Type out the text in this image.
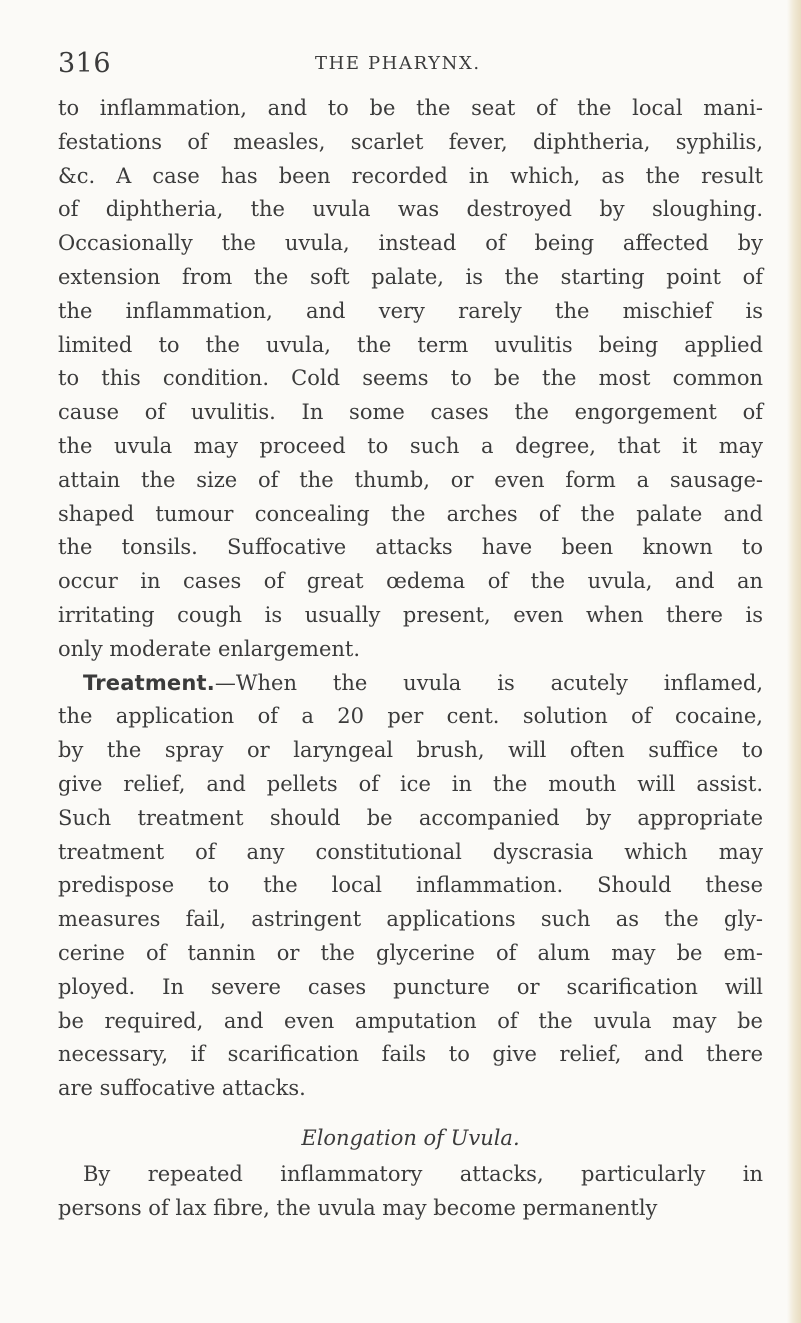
316	THE PHARYNX.
to inflammation, and to be the seat of the local mani-
festations of measles, scarlet fever, diphtheria, syphilis,
&c. A case has been recorded in which, as the result
of diphtheria, the uvula was destroyed by sloughing.
Occasionally the uvula, instead of being affected by
extension from the soft palate, is the starting point of
the inflammation, and very rarely the mischief is
limited to the uvula, the term uvulitis being applied
to this condition. Cold seems to be the most common
cause of uvulitis. In some cases the engorgement of
the uvula may proceed to such a degree, that it may
attain the size of the thumb, or even form a sausage-
shaped tumour concealing the arches of the palate and
the tonsils. Suffocative attacks have been known to
occur in cases of great œdema of the uvula, and an
irritating cough is usually present, even when there is
only moderate enlargement.
Treatment.—When the uvula is acutely inflamed,
the application of a 20 per cent. solution of cocaine,
by the spray or laryngeal brush, will often suffice to
give relief, and pellets of ice in the mouth will assist.
Such treatment should be accompanied by appropriate
treatment of any constitutional dyscrasia which may
predispose to the local inflammation. Should these
measures fail, astringent applications such as the gly-
cerine of tannin or the glycerine of alum may be em-
ployed. In severe cases puncture or scarification will
be required, and even amputation of the uvula may be
necessary, if scarification fails to give relief, and there
are suffocative attacks.
Elongation of Uvula.
By repeated inflammatory attacks, particularly in
persons of lax fibre, the uvula may become permanently
